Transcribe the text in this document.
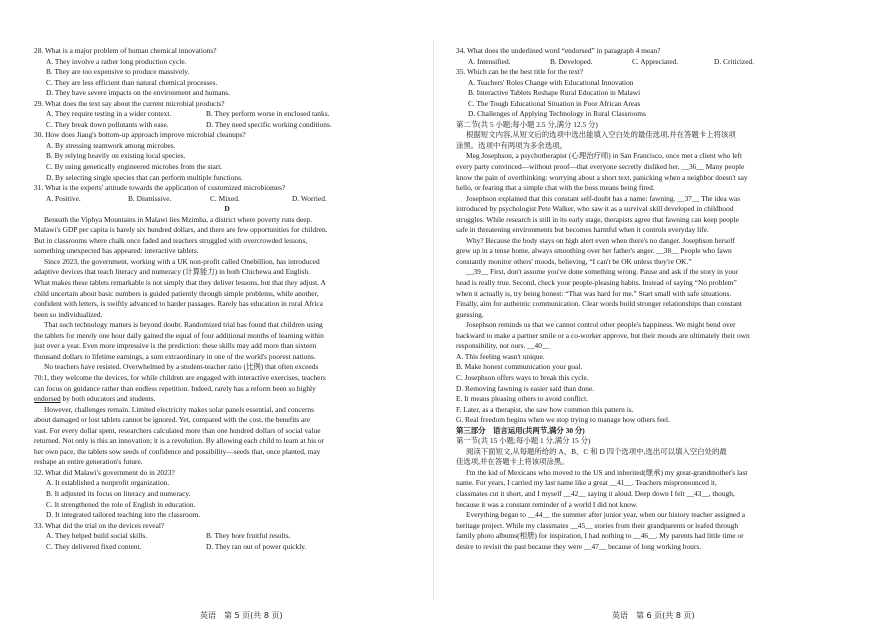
28. What is a major problem of human chemical innovations?
A. They involve a rather long production cycle.
B. They are too expensive to produce massively.
C. They are less efficient than natural chemical processes.
D. They have severe impacts on the environment and humans.
29. What does the text say about the current microbial products?
A. They require testing in a wider context.	B. They perform worse in enclosed tanks.
C. They break down pollutants with ease.	D. They need specific working conditions.
30. How does Jiang's bottom-up approach improve microbial cleanups?
A. By stressing teamwork among microbes.
B. By relying heavily on existing local species.
C. By using genetically engineered microbes from the start.
D. By selecting single species that can perform multiple functions.
31. What is the experts' attitude towards the application of customized microbiomes?
A. Positive.	B. Dismissive.	C. Mixed.	D. Worried.
D
Beneath the Viphya Mountains in Malawi lies Mzimba, a district where poverty runs deep.
Malawi's GDP per capita is barely six hundred dollars, and there are few opportunities for children.
But in classrooms where chalk once faded and teachers struggled with overcrowded lessons,
something unexpected has appeared: interactive tablets.
Since 2023, the government, working with a UK non-profit called Onebillion, has introduced
adaptive devices that teach literacy and numeracy (计算能力) in both Chichewa and English.
What makes these tablets remarkable is not simply that they deliver lessons, but that they adjust. A
child uncertain about basic numbers is guided patiently through simple problems, while another,
confident with letters, is swiftly advanced to harder passages. Rarely has education in rural Africa
been so individualized.
That such technology matters is beyond doubt. Randomized trial has found that children using
the tablets for merely one hour daily gained the equal of four additional months of learning within
just over a year. Even more impressive is the prediction: these skills may add more than sixteen
thousand dollars to lifetime earnings, a sum extraordinary in one of the world's poorest nations.
No teachers have resisted. Overwhelmed by a student-teacher ratio (比例) that often exceeds
70:1, they welcome the devices, for while children are engaged with interactive exercises, teachers
can focus on guidance rather than endless repetition. Indeed, rarely has a reform been so highly
endorsed by both educators and students.
However, challenges remain. Limited electricity makes solar panels essential, and concerns
about damaged or lost tablets cannot be ignored. Yet, compared with the cost, the benefits are
vast. For every dollar spent, researchers calculated more than one hundred dollars of social value
returned. Not only is this an innovation; it is a revolution. By allowing each child to learn at his or
her own pace, the tablets sow seeds of confidence and possibility—seeds that, once planted, may
reshape an entire generation's future.
32. What did Malawi's government do in 2023?
A. It established a nonprofit organization.
B. It adjusted its focus on literacy and numeracy.
C. It strengthened the role of English in education.
D. It integrated tailored teaching into the classroom.
33. What did the trial on the devices reveal?
A. They helped build social skills.	B. They bore fruitful results.
C. They delivered fixed content.	D. They ran out of power quickly.
34. What does the underlined word “endorsed” in paragraph 4 mean?
A. Intensified.	B. Developed.	C. Appreciated.	D. Criticized.
35. Which can be the best title for the text?
A. Teachers' Roles Change with Educational Innovation
B. Interactive Tablets Reshape Rural Education in Malawi
C. The Tough Educational Situation in Poor African Areas
D. Challenges of Applying Technology in Rural Classrooms
第二节(共 5 小题;每小题 2.5 分,满分 12.5 分)
根据短文内容,从短文后的选项中选出能填入空白处的最佳选项,并在答题卡上将该项
涂黑。选项中有两项为多余选项。
Meg Josephson, a psychotherapist (心理治疗师) in San Francisco, once met a client who left
every party convinced—without proof—that everyone secretly disliked her. __36__ Many people
know the pain of overthinking: worrying about a short text, panicking when a neighbor doesn't say
hello, or fearing that a simple chat with the boss means being fired.
Josephson explained that this constant self-doubt has a name: fawning. __37__ The idea was
introduced by psychologist Pete Walker, who saw it as a survival skill developed in childhood
struggles. While research is still in its early stage, therapists agree that fawning can keep people
safe in threatening environments but becomes harmful when it controls everyday life.
Why? Because the body stays on high alert even when there's no danger. Josephson herself
grew up in a tense home, always smoothing over her father's anger. __38__ People who fawn
constantly monitor others' moods, believing, “I can't be OK unless they're OK.”
__39__ First, don't assume you've done something wrong. Pause and ask if the story in your
head is really true. Second, check your people-pleasing habits. Instead of saying “No problem”
when it actually is, try being honest: “That was hard for me.” Start small with safe situations.
Finally, aim for authentic communication. Clear words build stronger relationships than constant
guessing.
Josephson reminds us that we cannot control other people's happiness. We might bend over
backward to make a partner smile or a co-worker approve, but their moods are ultimately their own
responsibility, not ours. __40__
A. This feeling wasn't unique.
B. Make honest communication your goal.
C. Josephson offers ways to break this cycle.
D. Removing fawning is easier said than done.
E. It means pleasing others to avoid conflict.
F. Later, as a therapist, she saw how common this pattern is.
G. Real freedom begins when we stop trying to manage how others feel.
第三部分　语言运用(共两节,满分 30 分)
第一节(共 15 小题;每小题 1 分,满分 15 分)
阅读下面短文,从每题所给的 A、B、C 和 D 四个选项中,选出可以填入空白处的最
佳选项,并在答题卡上将该项涂黑。
I'm the kid of Mexicans who moved to the US and inherited(继承) my great-grandmother's last
name. For years, I carried my last name like a great __41__. Teachers mispronounced it,
classmates cut it short, and I myself __42__ saying it aloud. Deep down I felt __43__, though,
because it was a constant reminder of a world I did not know.
Everything began to __44__ the summer after junior year, when our history teacher assigned a
heritage project. While my classmates __45__ stories from their grandparents or leafed through
family photo albums(相册) for inspiration, I had nothing to __46__. My parents had little time or
desire to revisit the past because they were __47__ because of long working hours.
英语　第 5 页(共 8 页)	英语　第 6 页(共 8 页)
